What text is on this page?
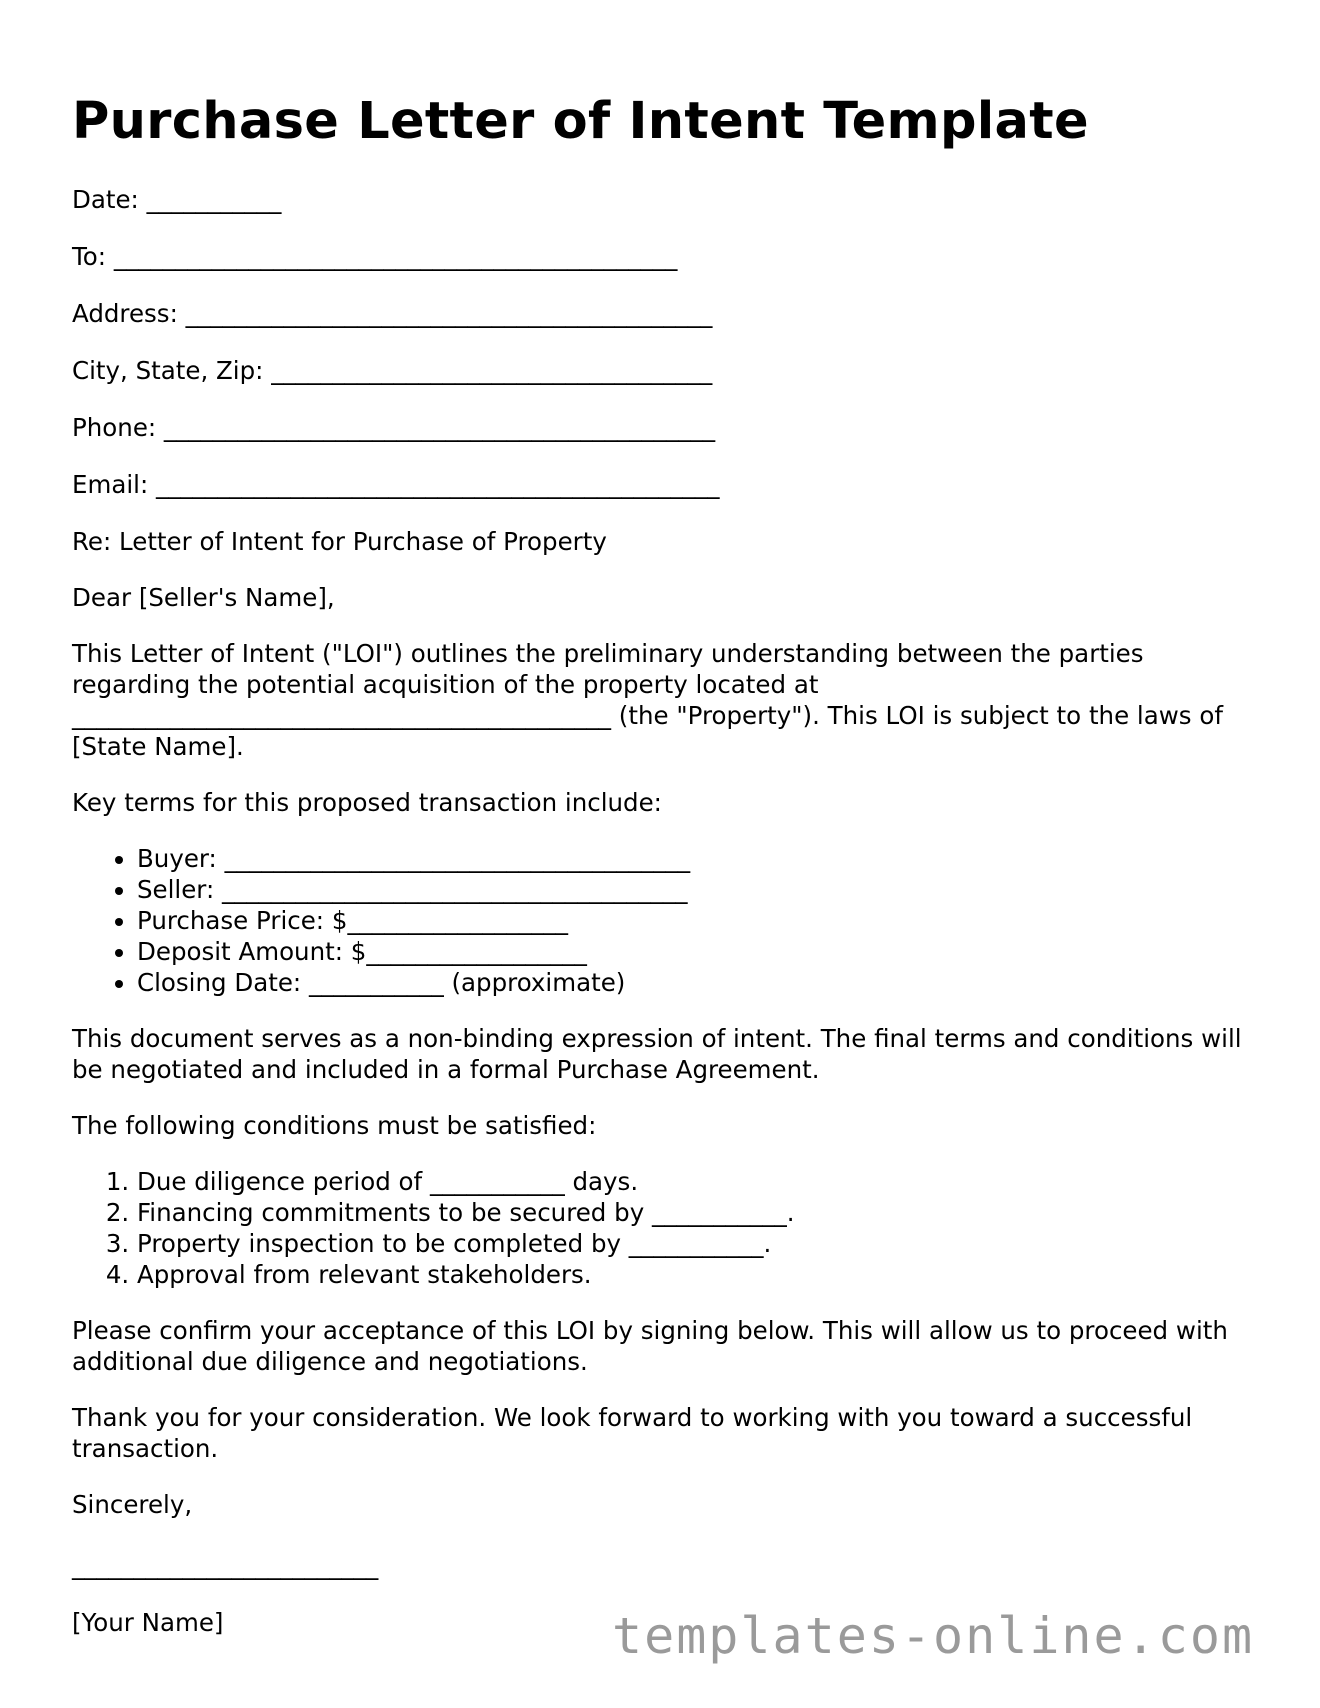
Purchase Letter of Intent Template

Date: ___________

To: ______________________________________________

Address: ___________________________________________

City, State, Zip: ____________________________________

Phone: _____________________________________________

Email: ______________________________________________

Re: Letter of Intent for Purchase of Property

Dear [Seller's Name],

This Letter of Intent ("LOI") outlines the preliminary understanding between the parties regarding the potential acquisition of the property located at ____________________________________________ (the "Property"). This LOI is subject to the laws of [State Name].

Key terms for this proposed transaction include:

• Buyer: ______________________________________
• Seller: ______________________________________
• Purchase Price: $__________________
• Deposit Amount: $__________________
• Closing Date: ___________ (approximate)

This document serves as a non-binding expression of intent. The final terms and conditions will be negotiated and included in a formal Purchase Agreement.

The following conditions must be satisfied:

1. Due diligence period of ___________ days.
2. Financing commitments to be secured by ___________.
3. Property inspection to be completed by ___________.
4. Approval from relevant stakeholders.

Please confirm your acceptance of this LOI by signing below. This will allow us to proceed with additional due diligence and negotiations.

Thank you for your consideration. We look forward to working with you toward a successful transaction.

Sincerely,

_________________________

[Your Name]	templates-online.com
